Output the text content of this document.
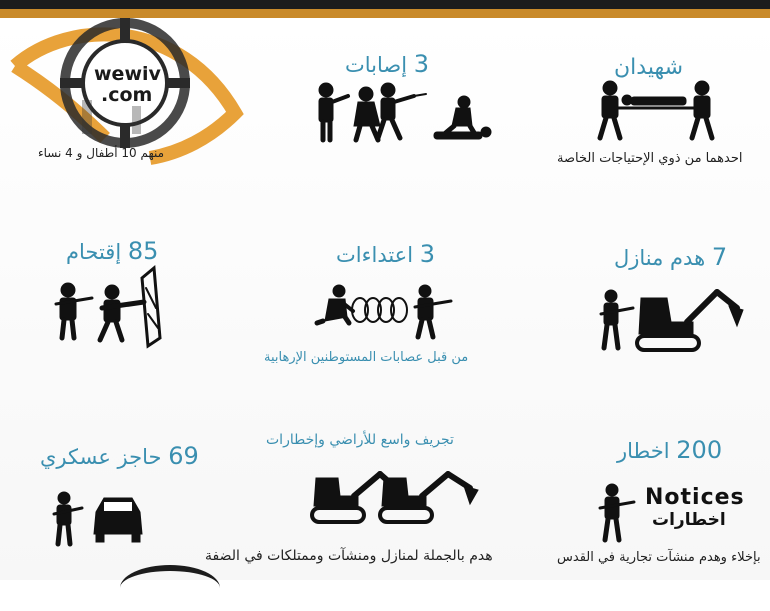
wewiv
.com
منهم 10 أطفال و 4 نساء
3 إصابات	شهيدان
احدهما من ذوي الإحتياجات الخاصة
85 إقتحام	3 اعتداءات
من قبل عصابات المستوطنين الإرهابية
7 هدم منازل
69 حاجز عسكري
تجريف واسع للأراضي وإخطارات
هدم بالجملة لمنازل ومنشآت وممتلكات في الضفة
200 اخطار
Notices
اخطارات
بإخلاء وهدم منشآت تجارية في القدس
